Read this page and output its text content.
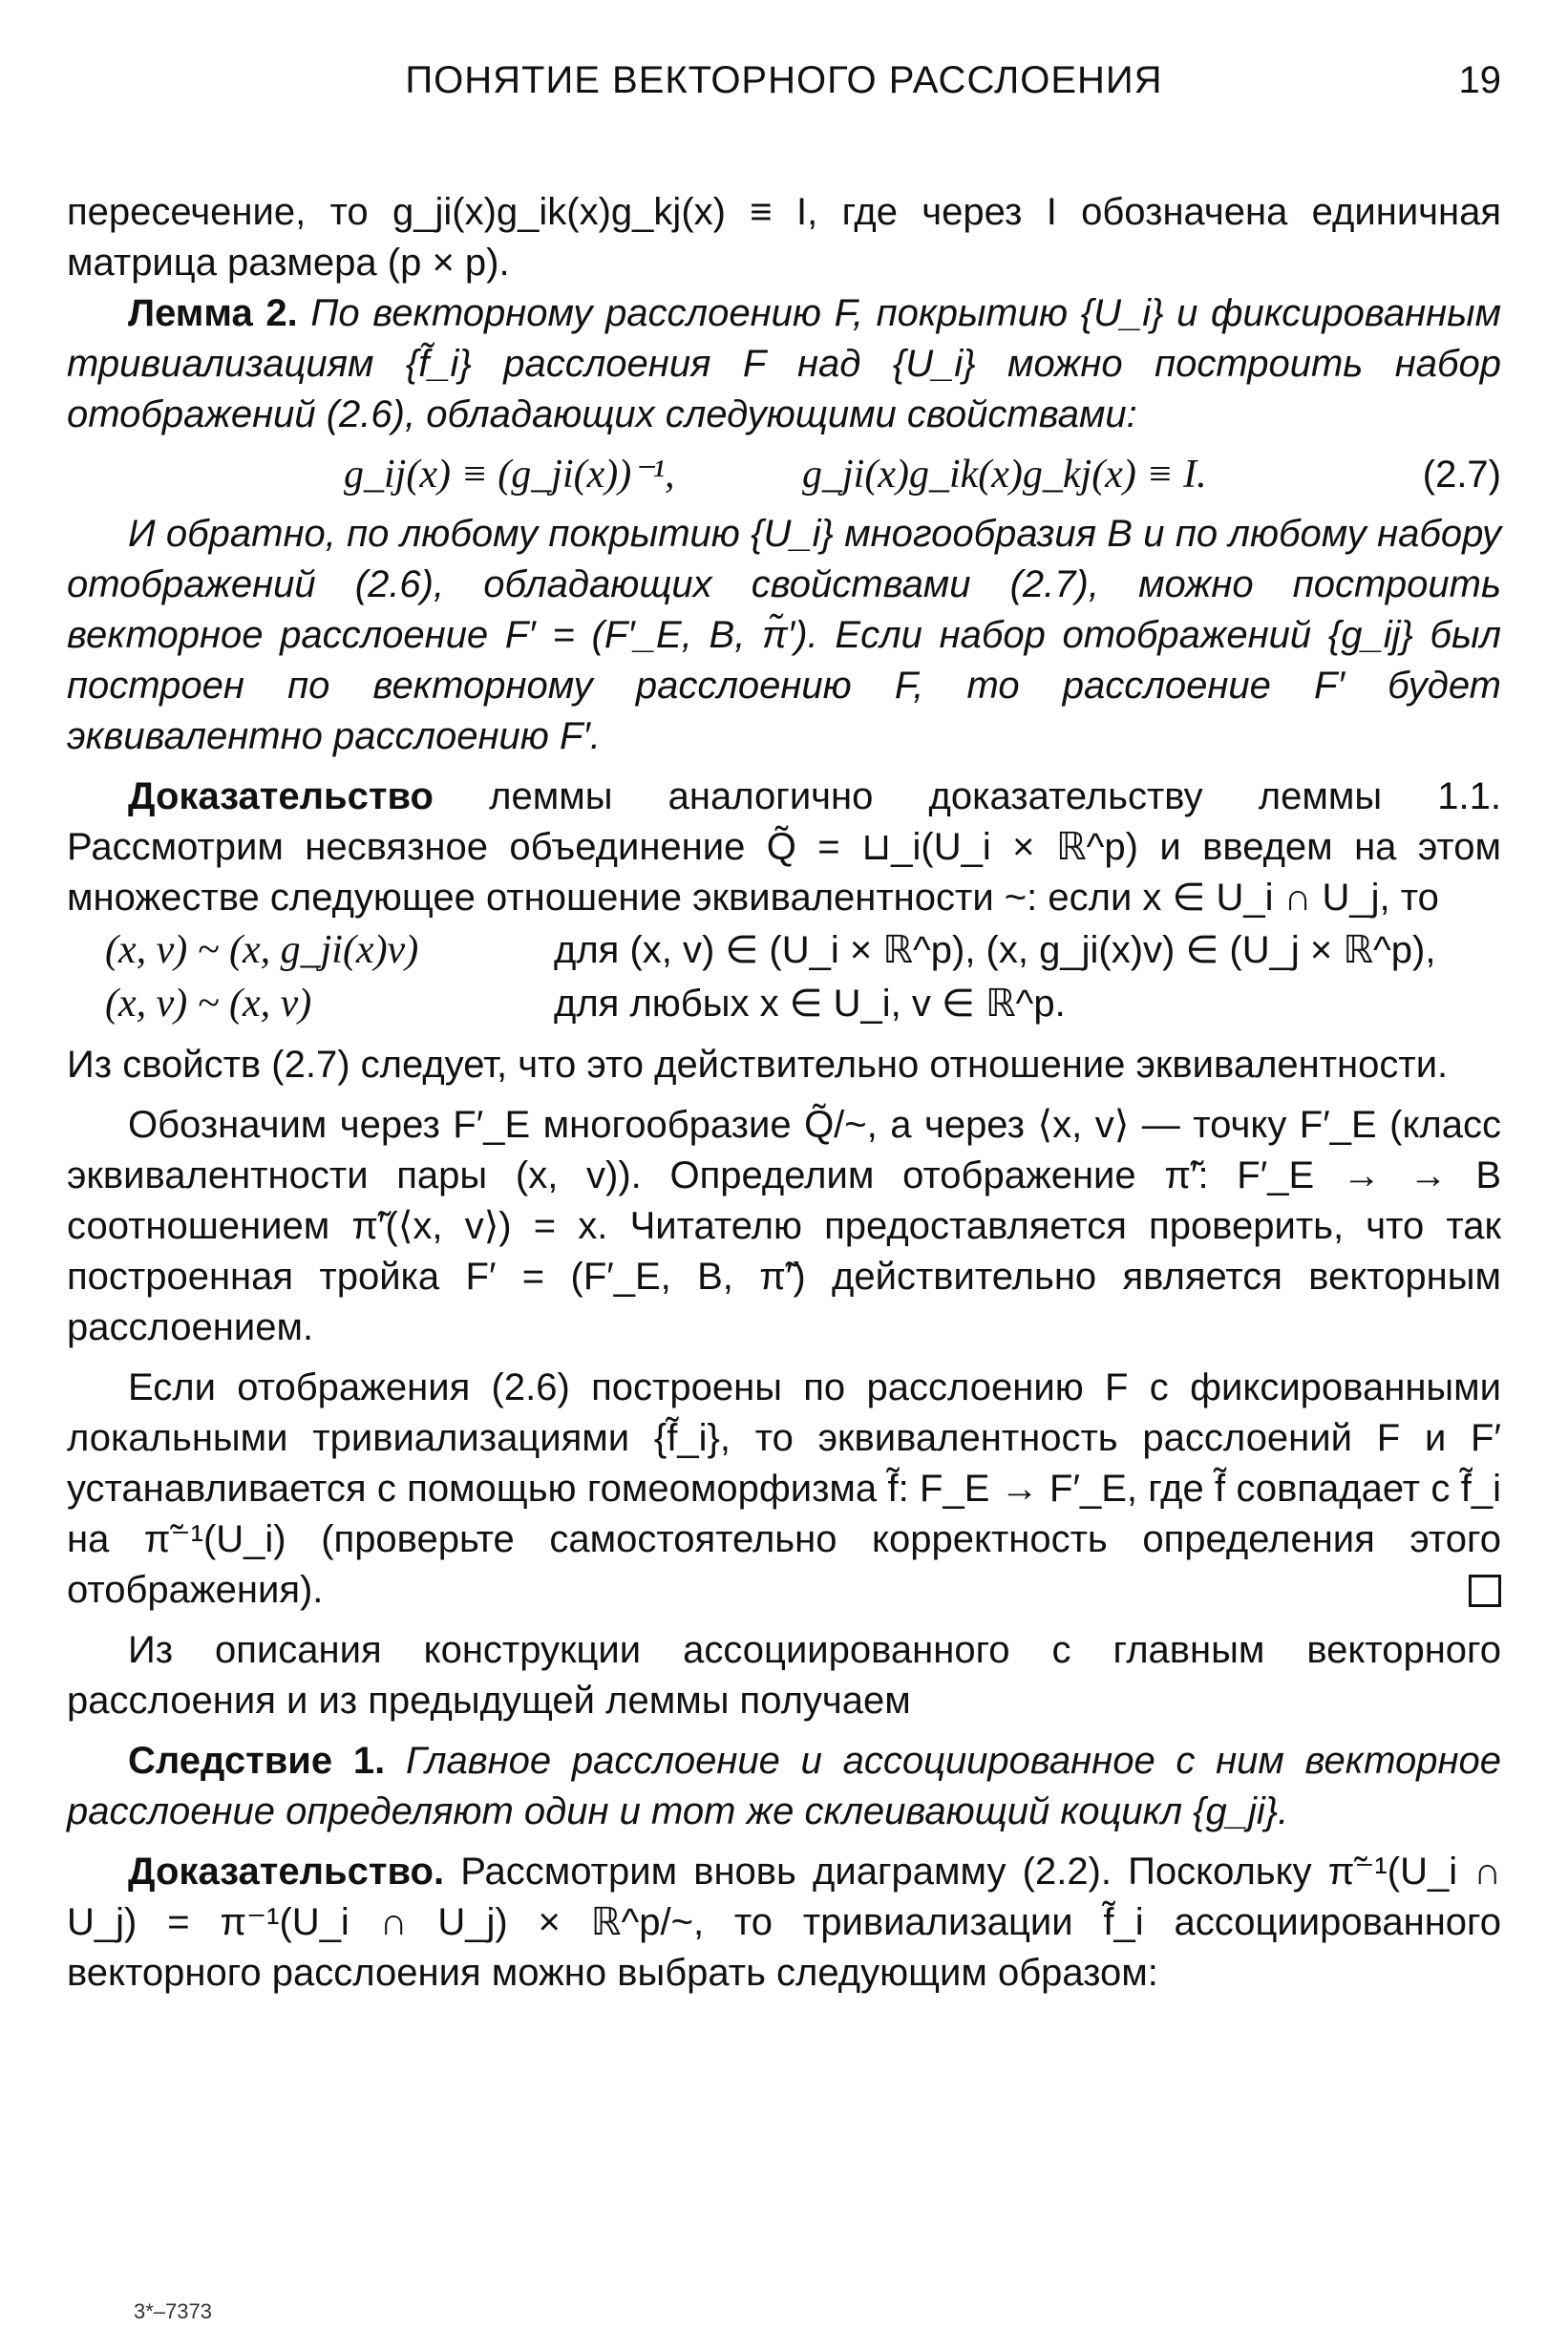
ПОНЯТИЕ ВЕКТОРНОГО РАССЛОЕНИЯ	19

пересечение, то g_ji(x)g_ik(x)g_kj(x) ≡ I, где через I обозначена единичная матрица размера (p × p).

Лемма 2. По векторному расслоению F, покрытию {U_i} и фиксированным тривиализациям {f̃_i} расслоения F над {U_i} можно построить набор отображений (2.6), обладающих следующими свойствами:

g_ij(x) ≡ (g_ji(x))⁻¹,	g_ji(x)g_ik(x)g_kj(x) ≡ I.	(2.7)

И обратно, по любому покрытию {U_i} многообразия B и по любому набору отображений (2.6), обладающих свойствами (2.7), можно построить векторное расслоение F′ = (F′_E, B, π̃′). Если набор отображений {g_ij} был построен по векторному расслоению F, то расслоение F′ будет эквивалентно расслоению F′.

Доказательство леммы аналогично доказательству леммы 1.1. Рассмотрим несвязное объединение Q̃ = ⊔_i(U_i × ℝ^p) и введем на этом множестве следующее отношение эквивалентности ~: если x ∈ U_i ∩ U_j, то

(x, v) ~ (x, g_ji(x)v)	для (x, v) ∈ (U_i × ℝ^p), (x, g_ji(x)v) ∈ (U_j × ℝ^p),
(x, v) ~ (x, v)	для любых x ∈ U_i, v ∈ ℝ^p.

Из свойств (2.7) следует, что это действительно отношение эквивалентности.

Обозначим через F′_E многообразие Q̃/~, а через ⟨x, v⟩ — точку F′_E (класс эквивалентности пары (x, v)). Определим отображение π̃′: F′_E → → B соотношением π̃′(⟨x, v⟩) = x. Читателю предоставляется проверить, что так построенная тройка F′ = (F′_E, B, π̃′) действительно является векторным расслоением.

Если отображения (2.6) построены по расслоению F с фиксированными локальными тривиализациями {f̃_i}, то эквивалентность расслоений F и F′ устанавливается с помощью гомеоморфизма f̃: F_E → F′_E, где f̃ совпадает с f̃_i на π̃⁻¹(U_i) (проверьте самостоятельно корректность определения этого отображения).

Из описания конструкции ассоциированного с главным векторного расслоения и из предыдущей леммы получаем

Следствие 1. Главное расслоение и ассоциированное с ним векторное расслоение определяют один и тот же склеивающий коцикл {g_ji}.

Доказательство. Рассмотрим вновь диаграмму (2.2). Поскольку π̃⁻¹(U_i ∩ U_j) = π⁻¹(U_i ∩ U_j) × ℝ^p/~, то тривиализации f̃_i ассоциированного векторного расслоения можно выбрать следующим образом:

3*–7373
